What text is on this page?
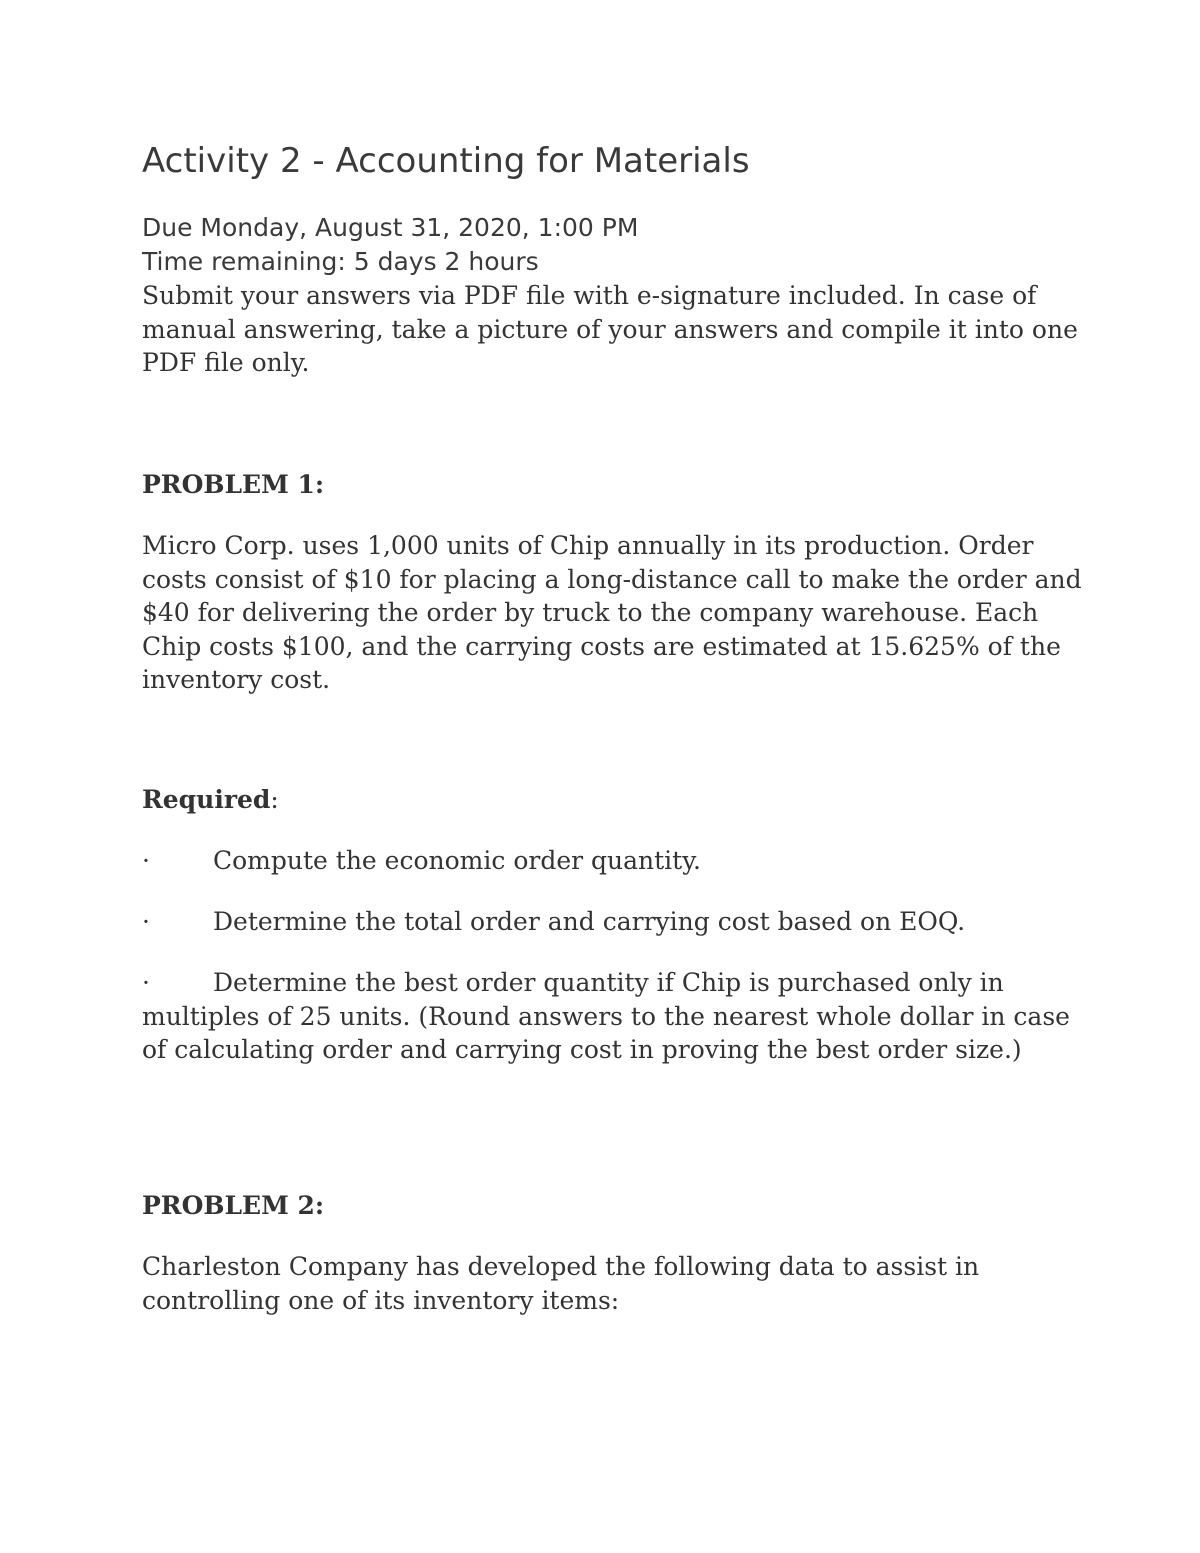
Activity 2 - Accounting for Materials
Due Monday, August 31, 2020, 1:00 PM
Time remaining: 5 days 2 hours

Submit your answers via PDF file with e-signature included. In case of manual answering, take a picture of your answers and compile it into one PDF file only.

PROBLEM 1:

Micro Corp. uses 1,000 units of Chip annually in its production. Order costs consist of $10 for placing a long-distance call to make the order and $40 for delivering the order by truck to the company warehouse. Each Chip costs $100, and the carrying costs are estimated at 15.625% of the inventory cost.

Required:
·	Compute the economic order quantity.
·	Determine the total order and carrying cost based on EOQ.
·	Determine the best order quantity if Chip is purchased only in multiples of 25 units. (Round answers to the nearest whole dollar in case of calculating order and carrying cost in proving the best order size.)
PROBLEM 2:

Charleston Company has developed the following data to assist in controlling one of its inventory items:
